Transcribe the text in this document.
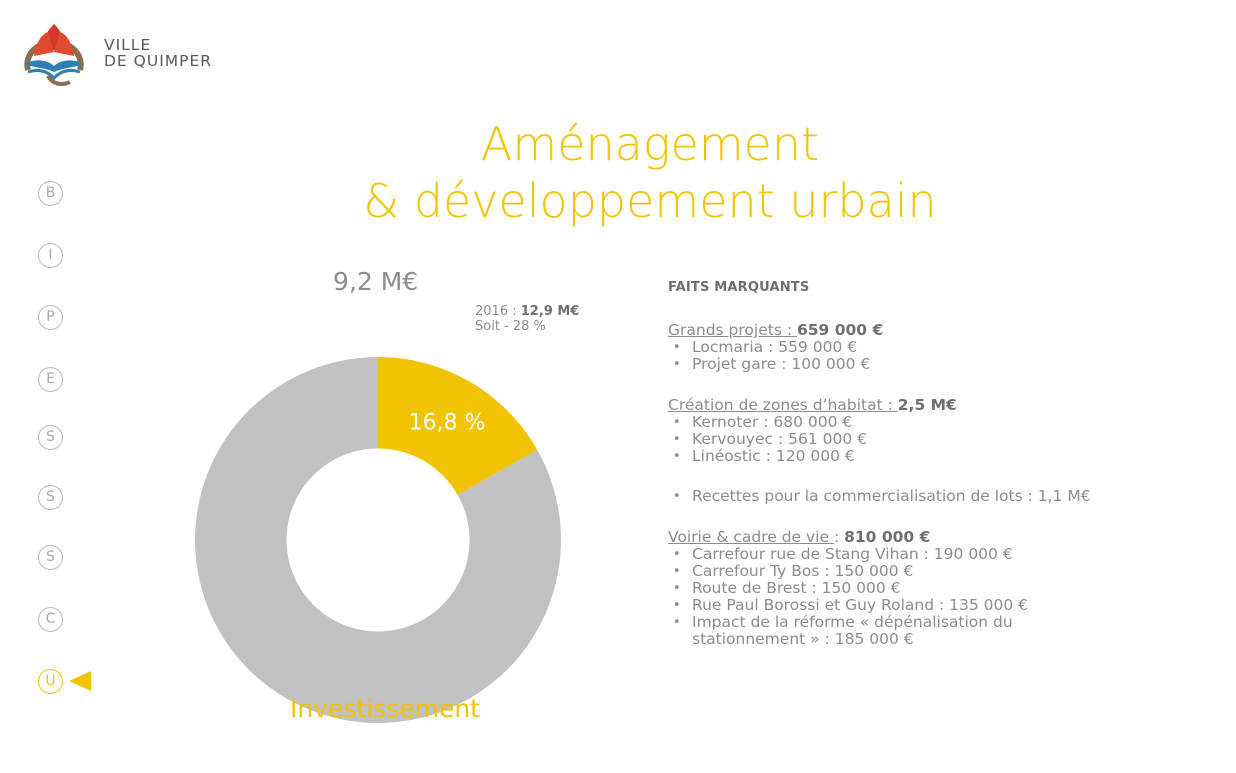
VILLE
DE QUIMPER
Aménagement
& développement urbain
B
I
P
E
S
S
S
C
U
16,8 %
9,2 M€
2016 : 12,9 M€
Soit - 28 %
Investissement
FAITS MARQUANTS
Grands projets : 659 000 €
• Locmaria : 559 000 €
• Projet gare : 100 000 €
Création de zones d’habitat : 2,5 M€
• Kernoter : 680 000 €
• Kervouyec : 561 000 €
• Linéostic : 120 000 €
• Recettes pour la commercialisation de lots : 1,1 M€
Voirie & cadre de vie : 810 000 €
• Carrefour rue de Stang Vihan : 190 000 €
• Carrefour Ty Bos : 150 000 €
• Route de Brest : 150 000 €
• Rue Paul Borossi et Guy Roland : 135 000 €
• Impact de la réforme « dépénalisation du
stationnement » : 185 000 €
